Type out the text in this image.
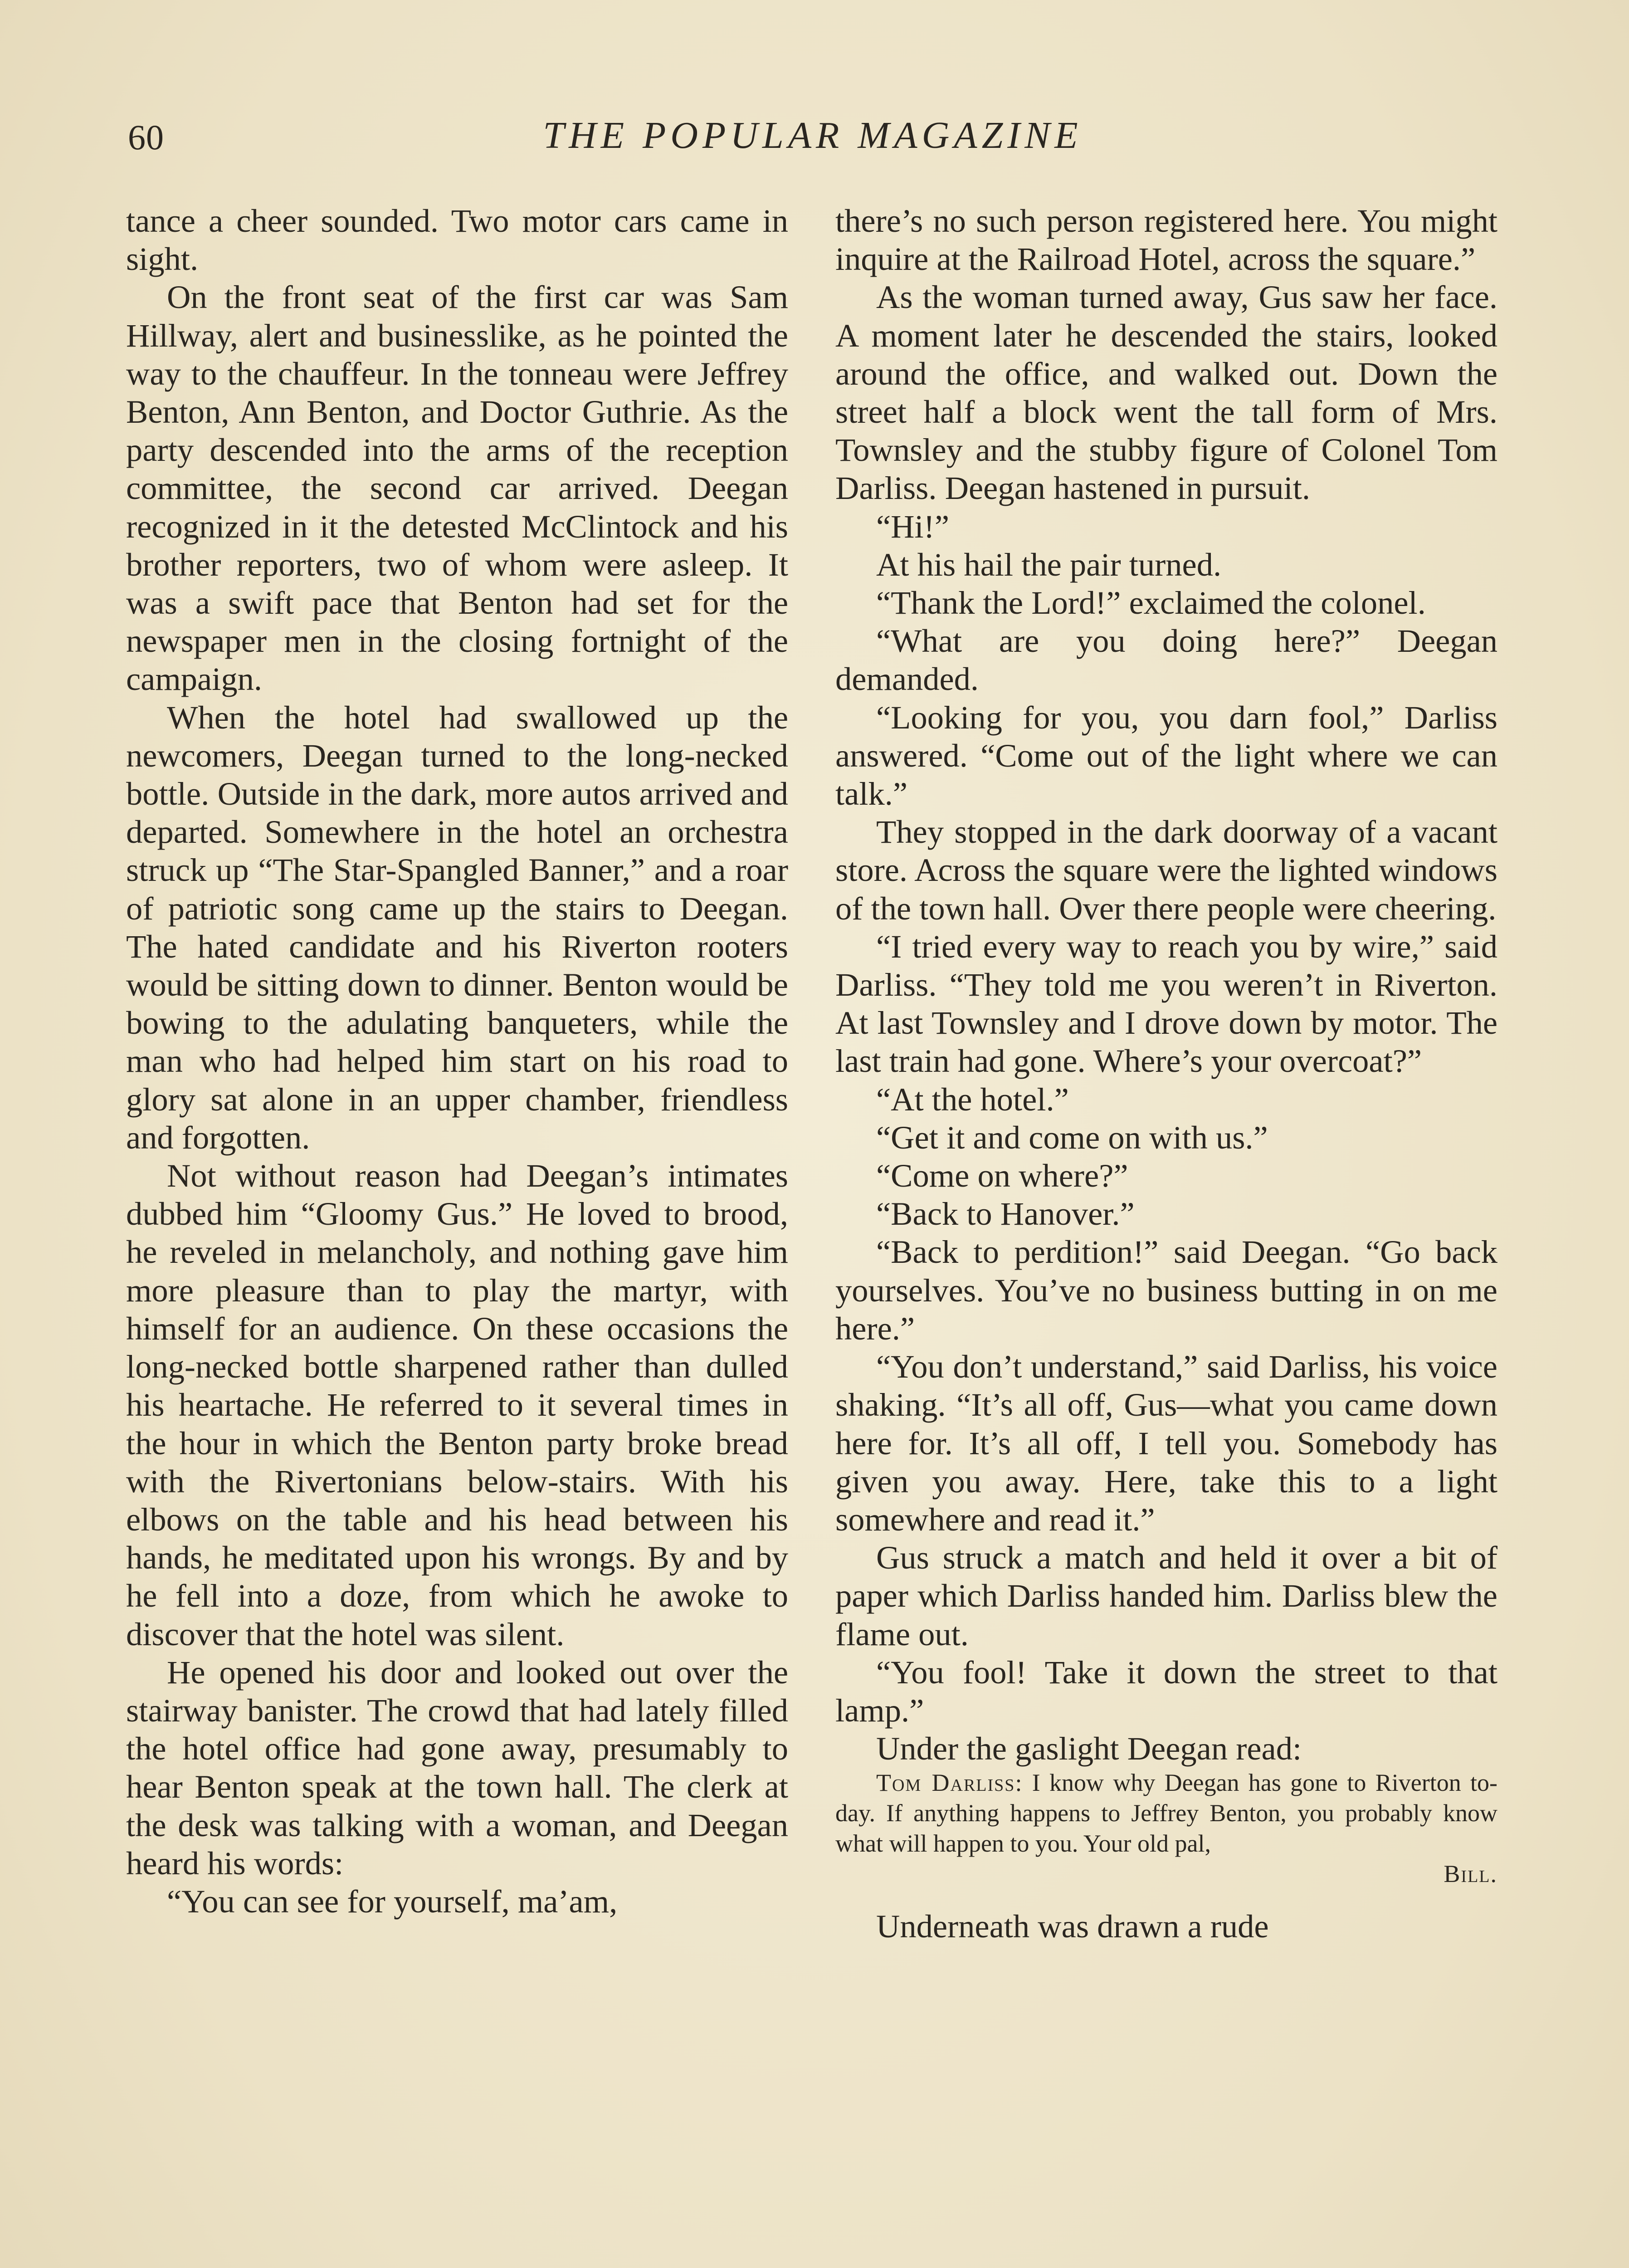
60	THE POPULAR MAGAZINE

tance a cheer sounded. Two motor cars came in sight.

On the front seat of the first car was Sam Hillway, alert and businesslike, as he pointed the way to the chauffeur. In the tonneau were Jeffrey Benton, Ann Benton, and Doctor Guthrie. As the party descended into the arms of the reception committee, the second car arrived. Deegan recognized in it the detested McClintock and his brother reporters, two of whom were asleep. It was a swift pace that Benton had set for the newspaper men in the closing fortnight of the campaign.

When the hotel had swallowed up the newcomers, Deegan turned to the long-necked bottle. Outside in the dark, more autos arrived and departed. Somewhere in the hotel an orchestra struck up “The Star-Spangled Banner,” and a roar of patriotic song came up the stairs to Deegan. The hated candidate and his Riverton rooters would be sitting down to dinner. Benton would be bowing to the adulating banqueters, while the man who had helped him start on his road to glory sat alone in an upper chamber, friendless and forgotten.

Not without reason had Deegan’s intimates dubbed him “Gloomy Gus.” He loved to brood, he reveled in melancholy, and nothing gave him more pleasure than to play the martyr, with himself for an audience. On these occasions the long-necked bottle sharpened rather than dulled his heartache. He referred to it several times in the hour in which the Benton party broke bread with the Rivertonians below-stairs. With his elbows on the table and his head between his hands, he meditated upon his wrongs. By and by he fell into a doze, from which he awoke to discover that the hotel was silent.

He opened his door and looked out over the stairway banister. The crowd that had lately filled the hotel office had gone away, presumably to hear Benton speak at the town hall. The clerk at the desk was talking with a woman, and Deegan heard his words:

“You can see for yourself, ma’am,

there’s no such person registered here. You might inquire at the Railroad Hotel, across the square.”

As the woman turned away, Gus saw her face. A moment later he descended the stairs, looked around the office, and walked out. Down the street half a block went the tall form of Mrs. Townsley and the stubby figure of Colonel Tom Darliss. Deegan hastened in pursuit.

“Hi!”

At his hail the pair turned.

“Thank the Lord!” exclaimed the colonel.

“What are you doing here?” Deegan demanded.

“Looking for you, you darn fool,” Darliss answered. “Come out of the light where we can talk.”

They stopped in the dark doorway of a vacant store. Across the square were the lighted windows of the town hall. Over there people were cheering.

“I tried every way to reach you by wire,” said Darliss. “They told me you weren’t in Riverton. At last Townsley and I drove down by motor. The last train had gone. Where’s your overcoat?”

“At the hotel.”

“Get it and come on with us.”

“Come on where?”

“Back to Hanover.”

“Back to perdition!” said Deegan. “Go back yourselves. You’ve no business butting in on me here.”

“You don’t understand,” said Darliss, his voice shaking. “It’s all off, Gus—what you came down here for. It’s all off, I tell you. Somebody has given you away. Here, take this to a light somewhere and read it.”

Gus struck a match and held it over a bit of paper which Darliss handed him. Darliss blew the flame out.

“You fool! Take it down the street to that lamp.”

Under the gaslight Deegan read:

Tom Darliss: I know why Deegan has gone to Riverton to-day. If anything happens to Jeffrey Benton, you probably know what will happen to you. Your old pal,

Bill.

Underneath was drawn a rude
